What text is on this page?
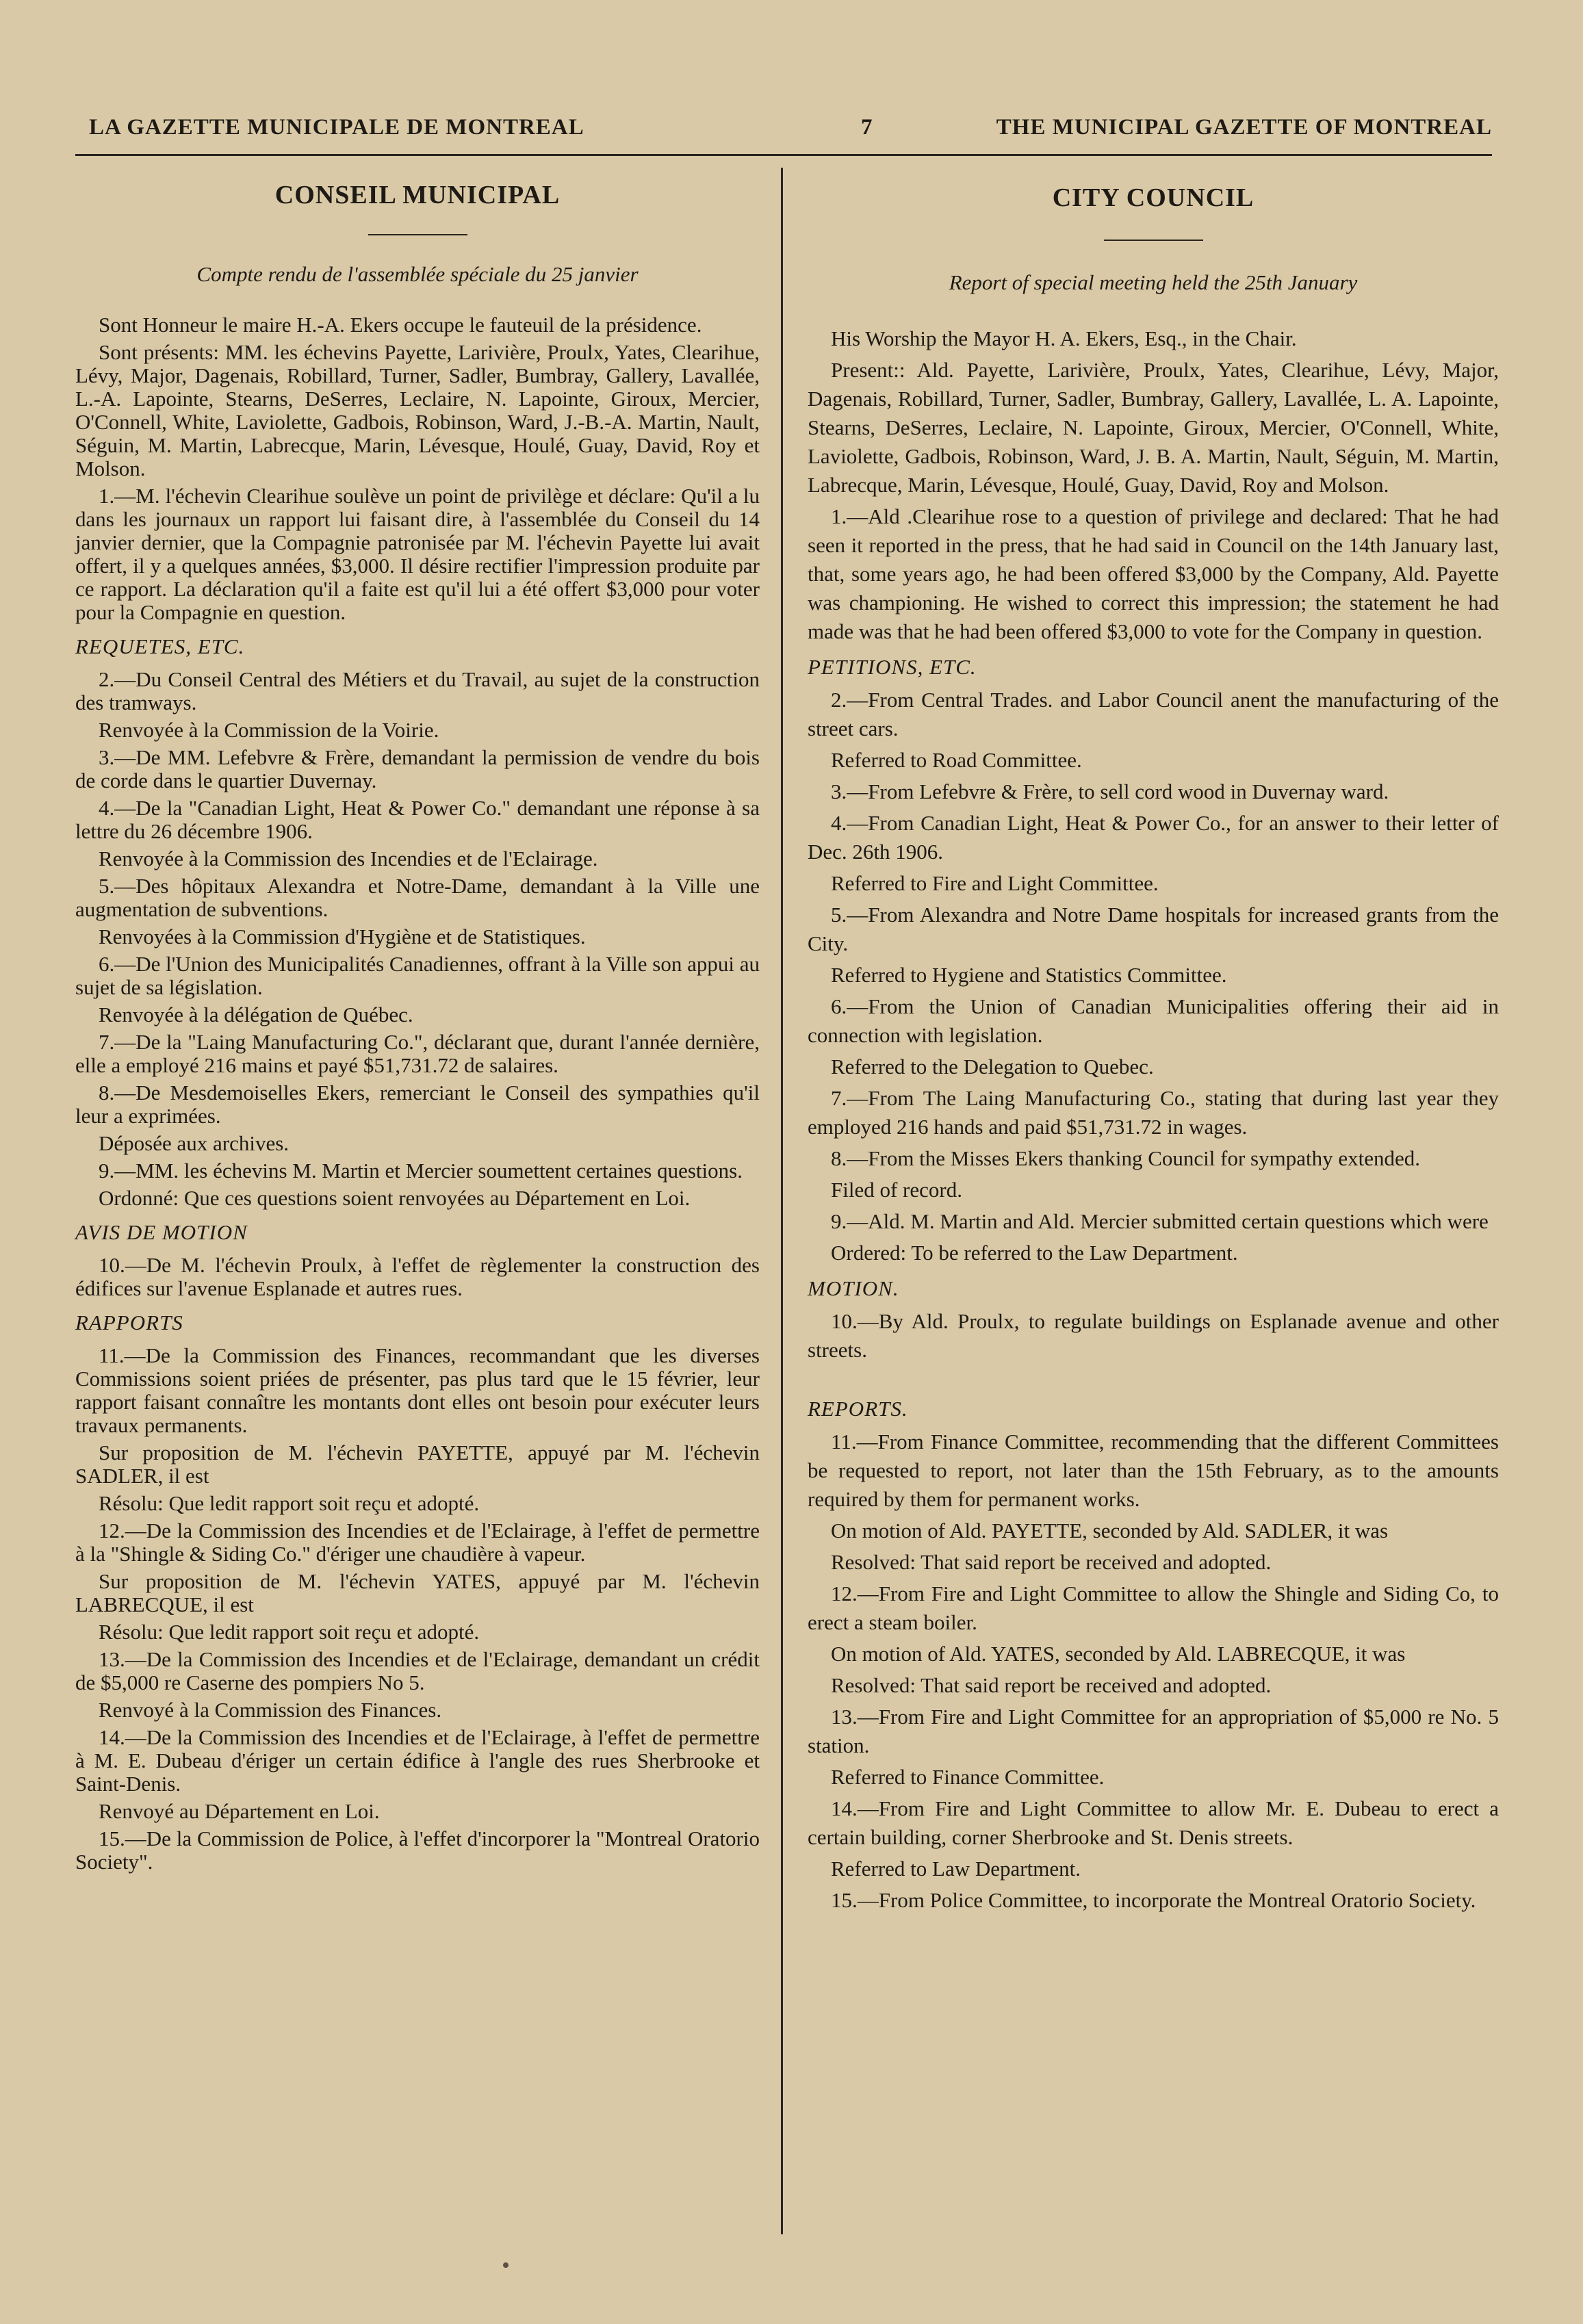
LA GAZETTE MUNICIPALE DE MONTREAL	7	THE MUNICIPAL GAZETTE OF MONTREAL
CONSEIL MUNICIPAL
Compte rendu de l'assemblée spéciale du 25 janvier

Sont Honneur le maire H.-A. Ekers occupe le fauteuil de la présidence.

Sont présents: MM. les échevins Payette, Larivière, Proulx, Yates, Clearihue, Lévy, Major, Dagenais, Robillard, Turner, Sadler, Bumbray, Gallery, Lavallée, L.-A. Lapointe, Stearns, DeSerres, Leclaire, N. Lapointe, Giroux, Mercier, O'Connell, White, Laviolette, Gadbois, Robinson, Ward, J.-B.-A. Martin, Nault, Séguin, M. Martin, Labrecque, Marin, Lévesque, Houlé, Guay, David, Roy et Molson.

1.—M. l'échevin Clearihue soulève un point de privilège et déclare: Qu'il a lu dans les journaux un rapport lui faisant dire, à l'assemblée du Conseil du 14 janvier dernier, que la Compagnie patronisée par M. l'échevin Payette lui avait offert, il y a quelques années, $3,000. Il désire rectifier l'impression produite par ce rapport. La déclaration qu'il a faite est qu'il lui a été offert $3,000 pour voter pour la Compagnie en question.

REQUETES, ETC.

2.—Du Conseil Central des Métiers et du Travail, au sujet de la construction des tramways.

Renvoyée à la Commission de la Voirie.

3.—De MM. Lefebvre & Frère, demandant la permission de vendre du bois de corde dans le quartier Duvernay.

4.—De la "Canadian Light, Heat & Power Co." demandant une réponse à sa lettre du 26 décembre 1906.

Renvoyée à la Commission des Incendies et de l'Eclairage.

5.—Des hôpitaux Alexandra et Notre-Dame, demandant à la Ville une augmentation de subventions.

Renvoyées à la Commission d'Hygiène et de Statistiques.

6.—De l'Union des Municipalités Canadiennes, offrant à la Ville son appui au sujet de sa législation.

Renvoyée à la délégation de Québec.

7.—De la "Laing Manufacturing Co.", déclarant que, durant l'année dernière, elle a employé 216 mains et payé $51,731.72 de salaires.

8.—De Mesdemoiselles Ekers, remerciant le Conseil des sympathies qu'il leur a exprimées.

Déposée aux archives.

9.—MM. les échevins M. Martin et Mercier soumettent certaines questions.

Ordonné: Que ces questions soient renvoyées au Département en Loi.

AVIS DE MOTION

10.—De M. l'échevin Proulx, à l'effet de règlementer la construction des édifices sur l'avenue Esplanade et autres rues.

RAPPORTS

11.—De la Commission des Finances, recommandant que les diverses Commissions soient priées de présenter, pas plus tard que le 15 février, leur rapport faisant connaître les montants dont elles ont besoin pour exécuter leurs travaux permanents.

Sur proposition de M. l'échevin PAYETTE, appuyé par M. l'échevin SADLER, il est

Résolu: Que ledit rapport soit reçu et adopté.

12.—De la Commission des Incendies et de l'Eclairage, à l'effet de permettre à la "Shingle & Siding Co." d'ériger une chaudière à vapeur.

Sur proposition de M. l'échevin YATES, appuyé par M. l'échevin LABRECQUE, il est

Résolu: Que ledit rapport soit reçu et adopté.

13.—De la Commission des Incendies et de l'Eclairage, demandant un crédit de $5,000 re Caserne des pompiers No 5.

Renvoyé à la Commission des Finances.

14.—De la Commission des Incendies et de l'Eclairage, à l'effet de permettre à M. E. Dubeau d'ériger un certain édifice à l'angle des rues Sherbrooke et Saint-Denis.

Renvoyé au Département en Loi.

15.—De la Commission de Police, à l'effet d'incorporer la "Montreal Oratorio Society".

CITY COUNCIL
Report of special meeting held the 25th January

His Worship the Mayor H. A. Ekers, Esq., in the Chair.

Present:: Ald. Payette, Larivière, Proulx, Yates, Clearihue, Lévy, Major, Dagenais, Robillard, Turner, Sadler, Bumbray, Gallery, Lavallée, L. A. Lapointe, Stearns, DeSerres, Leclaire, N. Lapointe, Giroux, Mercier, O'Connell, White, Laviolette, Gadbois, Robinson, Ward, J. B. A. Martin, Nault, Séguin, M. Martin, Labrecque, Marin, Lévesque, Houlé, Guay, David, Roy and Molson.

1.—Ald .Clearihue rose to a question of privilege and declared: That he had seen it reported in the press, that he had said in Council on the 14th January last, that, some years ago, he had been offered $3,000 by the Company, Ald. Payette was championing. He wished to correct this impression; the statement he had made was that he had been offered $3,000 to vote for the Company in question.

PETITIONS, ETC.

2.—From Central Trades. and Labor Council anent the manufacturing of the street cars.

Referred to Road Committee.

3.—From Lefebvre & Frère, to sell cord wood in Duvernay ward.

4.—From Canadian Light, Heat & Power Co., for an answer to their letter of Dec. 26th 1906.

Referred to Fire and Light Committee.

5.—From Alexandra and Notre Dame hospitals for increased grants from the City.

Referred to Hygiene and Statistics Committee.

6.—From the Union of Canadian Municipalities offering their aid in connection with legislation.

Referred to the Delegation to Quebec.

7.—From The Laing Manufacturing Co., stating that during last year they employed 216 hands and paid $51,731.72 in wages.

8.—From the Misses Ekers thanking Council for sympathy extended.

Filed of record.

9.—Ald. M. Martin and Ald. Mercier submitted certain questions which were

Ordered: To be referred to the Law Department.

MOTION.

10.—By Ald. Proulx, to regulate buildings on Esplanade avenue and other streets.

REPORTS.

11.—From Finance Committee, recommending that the different Committees be requested to report, not later than the 15th February, as to the amounts required by them for permanent works.

On motion of Ald. PAYETTE, seconded by Ald. SADLER, it was

Resolved: That said report be received and adopted.

12.—From Fire and Light Committee to allow the Shingle and Siding Co, to erect a steam boiler.

On motion of Ald. YATES, seconded by Ald. LABRECQUE, it was

Resolved: That said report be received and adopted.

13.—From Fire and Light Committee for an appropriation of $5,000 re No. 5 station.

Referred to Finance Committee.

14.—From Fire and Light Committee to allow Mr. E. Dubeau to erect a certain building, corner Sherbrooke and St. Denis streets.

Referred to Law Department.

15.—From Police Committee, to incorporate the Montreal Oratorio Society.
